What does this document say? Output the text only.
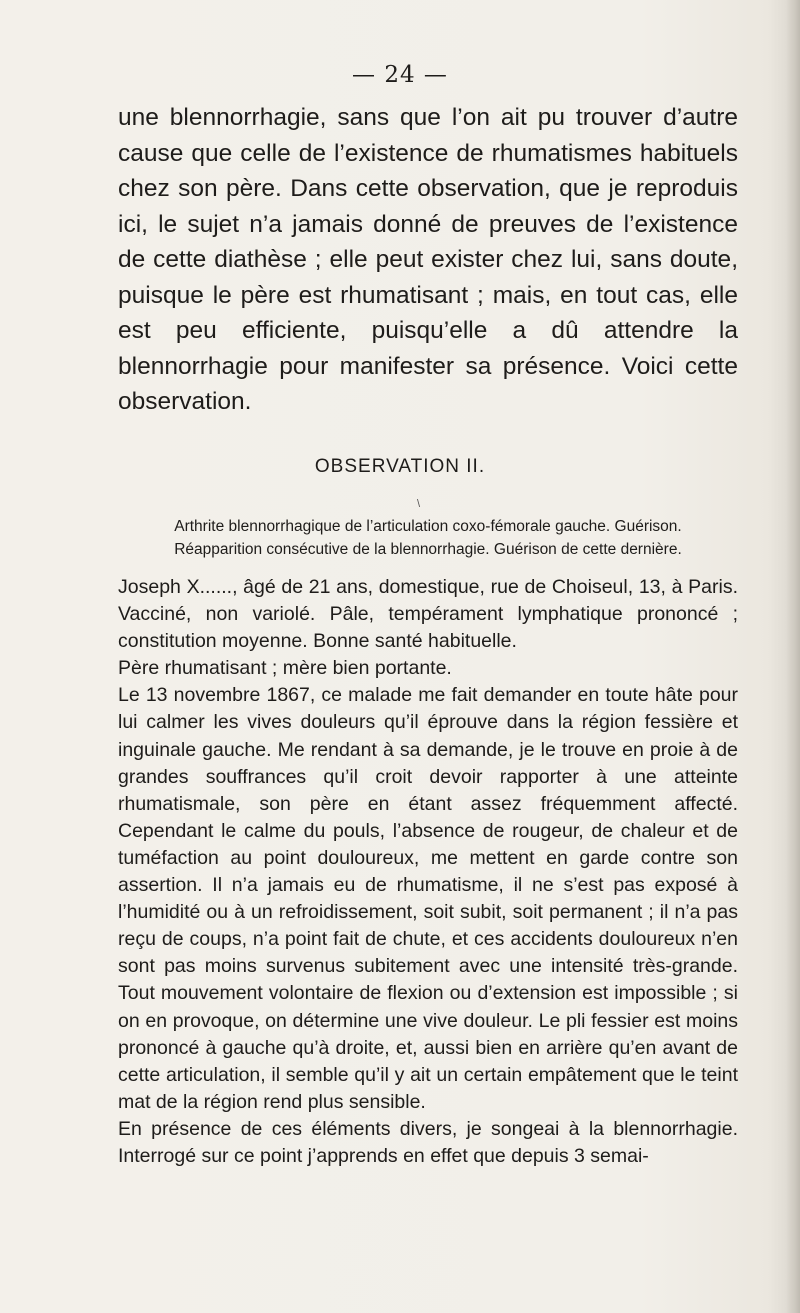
— 24 —

une blennorrhagie, sans que l’on ait pu trouver d’autre cause que celle de l’existence de rhumatismes habituels chez son père. Dans cette observation, que je reproduis ici, le sujet n’a jamais donné de preuves de l’existence de cette diathèse ; elle peut exister chez lui, sans doute, puisque le père est rhumatisant ; mais, en tout cas, elle est peu efficiente, puisqu’elle a dû attendre la blennorrhagie pour manifester sa présence. Voici cette observation.

OBSERVATION II.
\

Arthrite blennorrhagique de l’articulation coxo-fémorale gauche. Guérison.

Réapparition consécutive de la blennorrhagie. Guérison de cette dernière.

Joseph X......, âgé de 21 ans, domestique, rue de Choiseul, 13, à Paris. Vacciné, non variolé. Pâle, tempérament lymphatique prononcé ; constitution moyenne. Bonne santé habituelle.

Père rhumatisant ; mère bien portante.

Le 13 novembre 1867, ce malade me fait demander en toute hâte pour lui calmer les vives douleurs qu’il éprouve dans la région fessière et inguinale gauche. Me rendant à sa demande, je le trouve en proie à de grandes souffrances qu’il croit devoir rapporter à une atteinte rhumatismale, son père en étant assez fréquemment affecté. Cependant le calme du pouls, l’absence de rougeur, de chaleur et de tuméfaction au point douloureux, me mettent en garde contre son assertion. Il n’a jamais eu de rhumatisme, il ne s’est pas exposé à l’humidité ou à un refroidissement, soit subit, soit permanent ; il n’a pas reçu de coups, n’a point fait de chute, et ces accidents douloureux n’en sont pas moins survenus subitement avec une intensité très-grande. Tout mouvement volontaire de flexion ou d’extension est impossible ; si on en provoque, on détermine une vive douleur. Le pli fessier est moins prononcé à gauche qu’à droite, et, aussi bien en arrière qu’en avant de cette articulation, il semble qu’il y ait un certain empâtement que le teint mat de la région rend plus sensible.

En présence de ces éléments divers, je songeai à la blennorrhagie. Interrogé sur ce point j’apprends en effet que depuis 3 semai-
